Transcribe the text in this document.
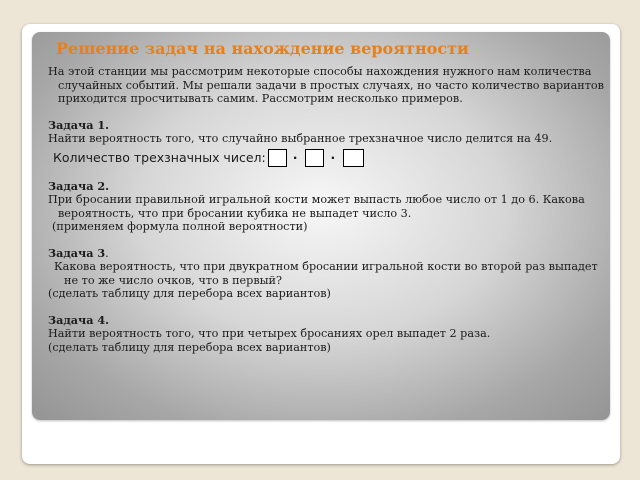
Решение задач на нахождение вероятности
На этой станции мы рассмотрим некоторые способы нахождения нужного нам количества случайных событий. Мы решали задачи в простых случаях, но часто количество вариантов приходится просчитывать самим. Рассмотрим несколько примеров.
Задача 1.
Найти вероятность того, что случайно выбранное трехзначное число делится на 49.
Количество трехзначных чисел: ·	·
Задача 2.
При бросании правильной игральной кости может выпасть любое число от 1 до 6. Какова вероятность, что при бросании кубика не выпадет число 3.
(применяем формула полной вероятности)
Задача 3.
Какова вероятность, что при двукратном бросании игральной кости во второй раз выпадет не то же число очков, что в первый?
(сделать таблицу для перебора всех вариантов)
Задача 4.
Найти вероятность того, что при четырех бросаниях орел выпадет 2 раза.
(сделать таблицу для перебора всех вариантов)
